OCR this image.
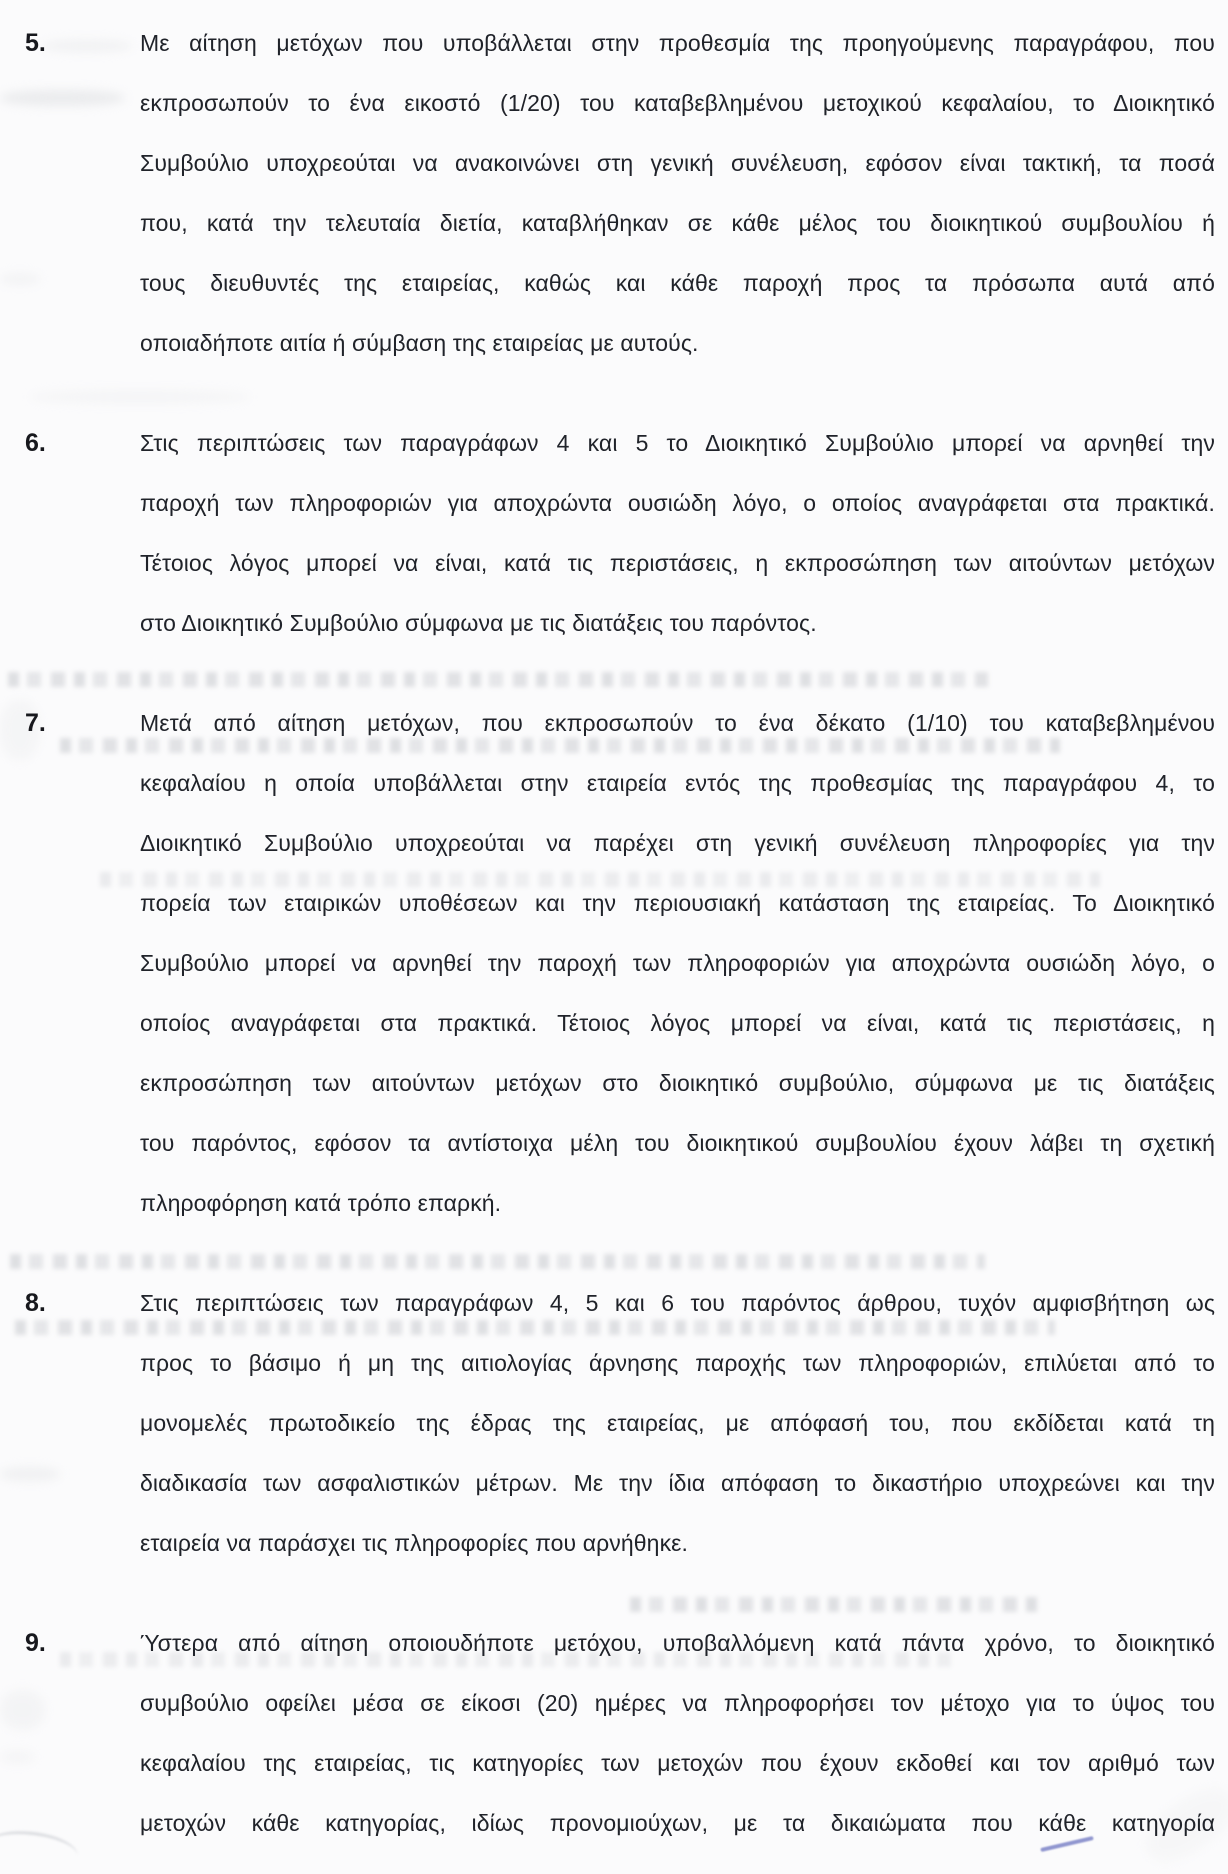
5.	Με αίτηση μετόχων που υποβάλλεται στην προθεσμία της προηγούμενης παραγράφου, που
εκπροσωπούν το ένα εικοστό (1/20) του καταβεβλημένου μετοχικού κεφαλαίου, το Διοικητικό
Συμβούλιο υποχρεούται να ανακοινώνει στη γενική συνέλευση, εφόσον είναι τακτική, τα ποσά
που, κατά την τελευταία διετία, καταβλήθηκαν σε κάθε μέλος του διοικητικού συμβουλίου ή
τους διευθυντές της εταιρείας, καθώς και κάθε παροχή προς τα πρόσωπα αυτά από
οποιαδήποτε αιτία ή σύμβαση της εταιρείας με αυτούς.
6.	Στις περιπτώσεις των παραγράφων 4 και 5 το Διοικητικό Συμβούλιο μπορεί να αρνηθεί την
παροχή των πληροφοριών για αποχρώντα ουσιώδη λόγο, ο οποίος αναγράφεται στα πρακτικά.
Τέτοιος λόγος μπορεί να είναι, κατά τις περιστάσεις, η εκπροσώπηση των αιτούντων μετόχων
στο Διοικητικό Συμβούλιο σύμφωνα με τις διατάξεις του παρόντος.
7.	Μετά από αίτηση μετόχων, που εκπροσωπούν το ένα δέκατο (1/10) του καταβεβλημένου
κεφαλαίου η οποία υποβάλλεται στην εταιρεία εντός της προθεσμίας της παραγράφου 4, το
Διοικητικό Συμβούλιο υποχρεούται να παρέχει στη γενική συνέλευση πληροφορίες για την
πορεία των εταιρικών υποθέσεων και την περιουσιακή κατάσταση της εταιρείας. Το Διοικητικό
Συμβούλιο μπορεί να αρνηθεί την παροχή των πληροφοριών για αποχρώντα ουσιώδη λόγο, ο
οποίος αναγράφεται στα πρακτικά. Τέτοιος λόγος μπορεί να είναι, κατά τις περιστάσεις, η
εκπροσώπηση των αιτούντων μετόχων στο διοικητικό συμβούλιο, σύμφωνα με τις διατάξεις
του παρόντος, εφόσον τα αντίστοιχα μέλη του διοικητικού συμβουλίου έχουν λάβει τη σχετική
πληροφόρηση κατά τρόπο επαρκή.
8.	Στις περιπτώσεις των παραγράφων 4, 5 και 6 του παρόντος άρθρου, τυχόν αμφισβήτηση ως
προς το βάσιμο ή μη της αιτιολογίας άρνησης παροχής των πληροφοριών, επιλύεται από το
μονομελές πρωτοδικείο της έδρας της εταιρείας, με απόφασή του, που εκδίδεται κατά τη
διαδικασία των ασφαλιστικών μέτρων. Με την ίδια απόφαση το δικαστήριο υποχρεώνει και την
εταιρεία να παράσχει τις πληροφορίες που αρνήθηκε.
9.	Ύστερα από αίτηση οποιουδήποτε μετόχου, υποβαλλόμενη κατά πάντα χρόνο, το διοικητικό
συμβούλιο οφείλει μέσα σε είκοσι (20) ημέρες να πληροφορήσει τον μέτοχο για το ύψος του
κεφαλαίου της εταιρείας, τις κατηγορίες των μετοχών που έχουν εκδοθεί και τον αριθμό των
μετοχών κάθε κατηγορίας, ιδίως προνομιούχων, με τα δικαιώματα που κάθε κατηγορία
